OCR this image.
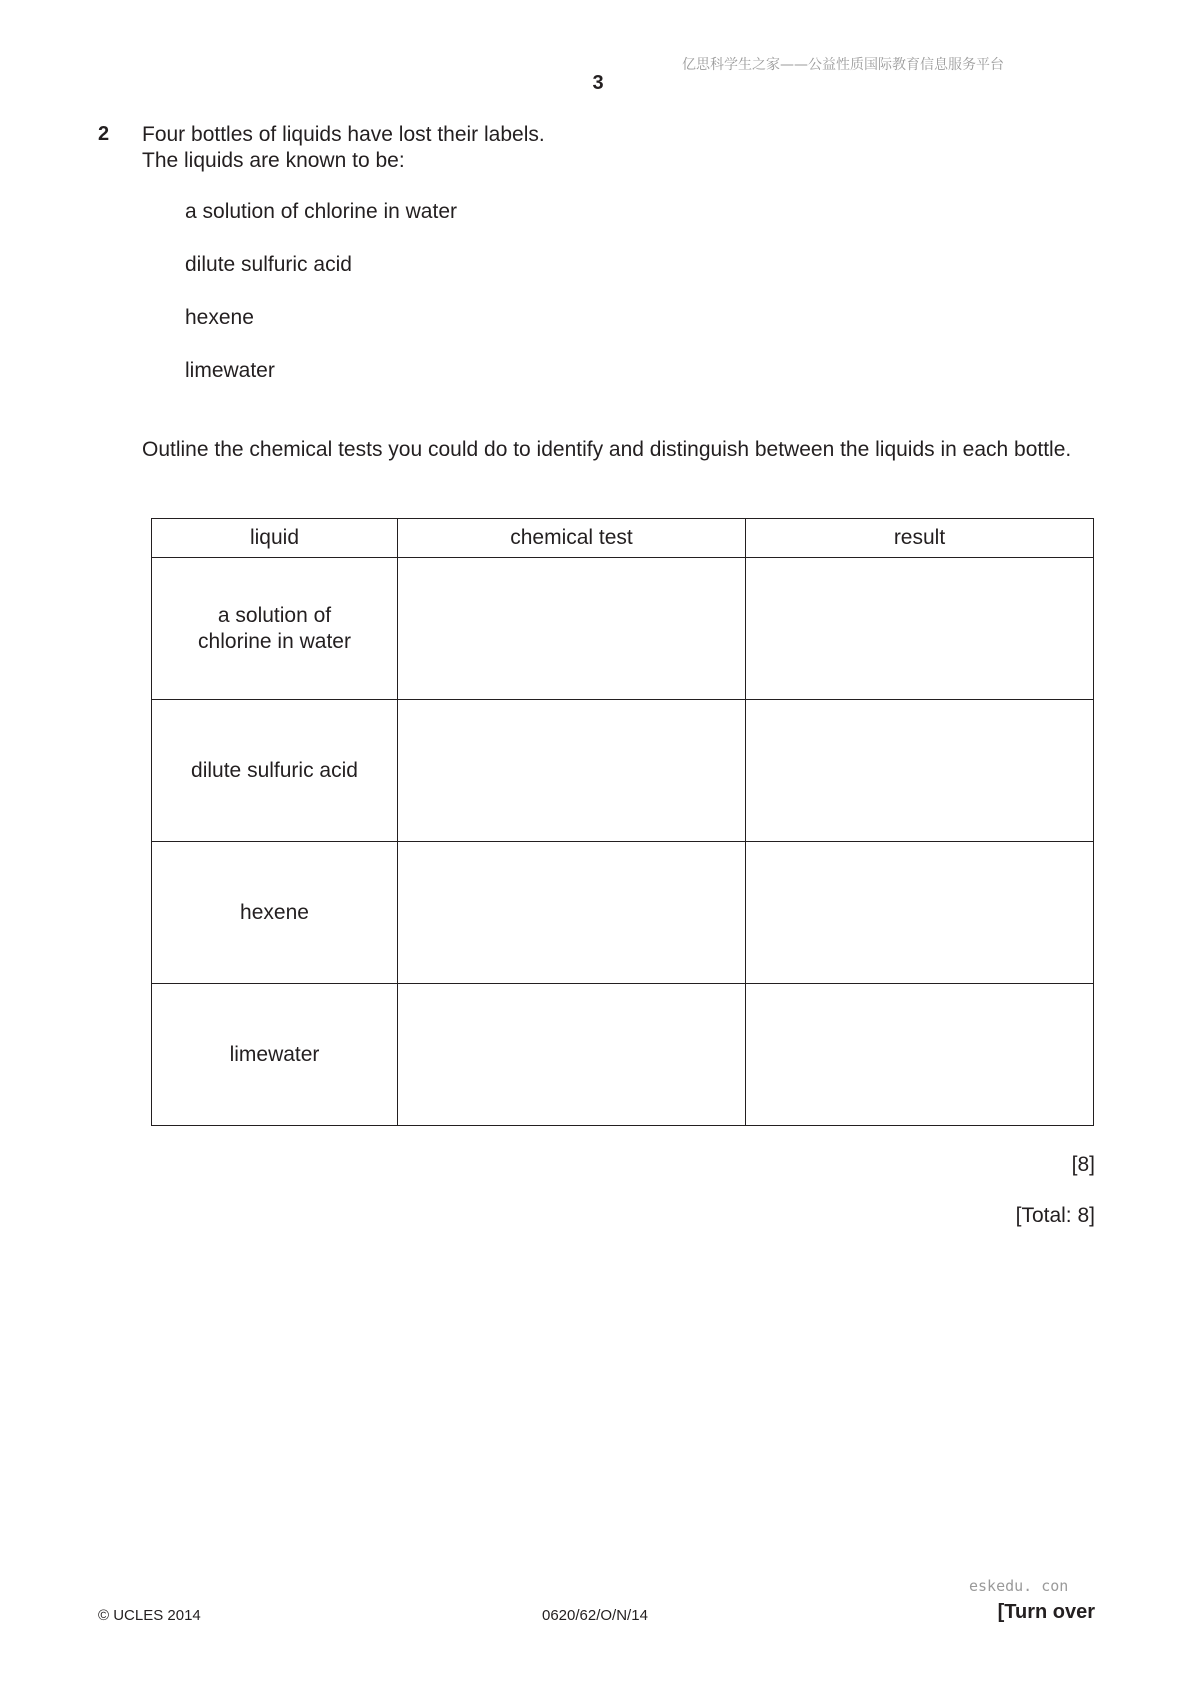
亿思科学生之家——公益性质国际教育信息服务平台
3
2 Four bottles of liquids have lost their labels.
The liquids are known to be:
a solution of chlorine in water
dilute sulfuric acid
hexene
limewater
Outline the chemical tests you could do to identify and distinguish between the liquids in each bottle.
liquid	chemical test	result

a solution of
chlorine in water		

dilute sulfuric acid		

hexene		

limewater		

[8]
[Total: 8]
eskedu. con
© UCLES 2014	0620/62/O/N/14	[Turn over
